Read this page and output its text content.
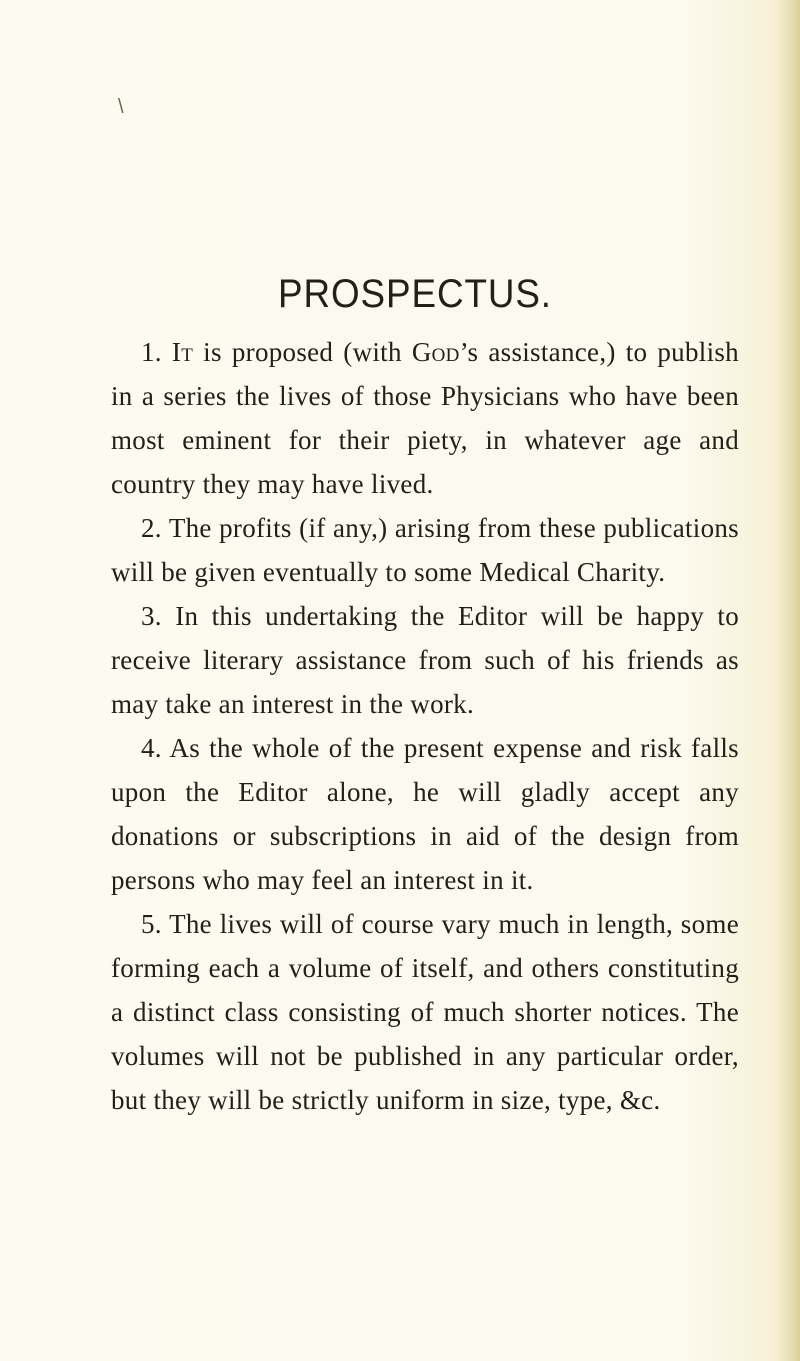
\
PROSPECTUS.

1. It is proposed (with God’s assistance,) to publish in a series the lives of those Physicians who have been most eminent for their piety, in whatever age and country they may have lived.

2. The profits (if any,) arising from these publications will be given eventually to some Medical Charity.

3. In this undertaking the Editor will be happy to receive literary assistance from such of his friends as may take an interest in the work.

4. As the whole of the present expense and risk falls upon the Editor alone, he will gladly accept any donations or subscriptions in aid of the design from persons who may feel an interest in it.

5. The lives will of course vary much in length, some forming each a volume of itself, and others constituting a distinct class consisting of much shorter notices. The volumes will not be published in any particular order, but they will be strictly uniform in size, type, &c.
